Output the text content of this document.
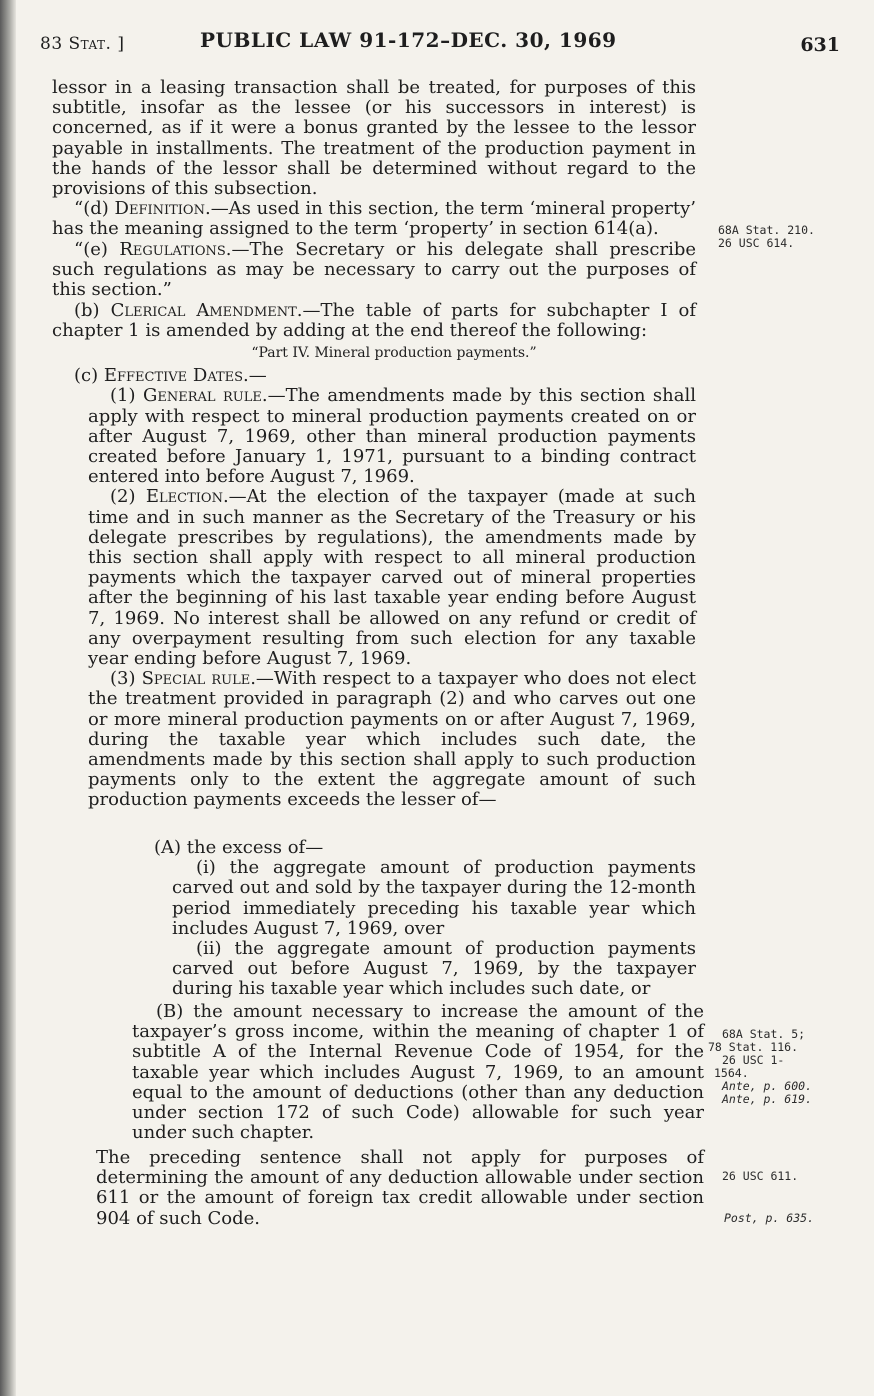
83 Stat. ]	PUBLIC LAW 91-172–DEC. 30, 1969	631

lessor in a leasing transaction shall be treated, for purposes of this subtitle, insofar as the lessee (or his successors in interest) is concerned, as if it were a bonus granted by the lessee to the lessor payable in installments. The treatment of the production payment in the hands of the lessor shall be determined without regard to the provisions of this subsection.

“(d) Definition.—As used in this section, the term ‘mineral property’ has the meaning assigned to the term ‘property’ in section 614(a).

“(e) Regulations.—The Secretary or his delegate shall prescribe such regulations as may be necessary to carry out the purposes of this section.”

(b) Clerical Amendment.—The table of parts for subchapter I of chapter 1 is amended by adding at the end thereof the following:

“Part IV. Mineral production payments.”

(c) Effective Dates.—

(1) General rule.—The amendments made by this section shall apply with respect to mineral production payments created on or after August 7, 1969, other than mineral production payments created before January 1, 1971, pursuant to a binding contract entered into before August 7, 1969.

(2) Election.—At the election of the taxpayer (made at such time and in such manner as the Secretary of the Treasury or his delegate prescribes by regulations), the amendments made by this section shall apply with respect to all mineral production payments which the taxpayer carved out of mineral properties after the beginning of his last taxable year ending before August 7, 1969. No interest shall be allowed on any refund or credit of any overpayment resulting from such election for any taxable year ending before August 7, 1969.

(3) Special rule.—With respect to a taxpayer who does not elect the treatment provided in paragraph (2) and who carves out one or more mineral production payments on or after August 7, 1969, during the taxable year which includes such date, the amendments made by this section shall apply to such production payments only to the extent the aggregate amount of such production payments exceeds the lesser of—

(A) the excess of—

(i) the aggregate amount of production payments carved out and sold by the taxpayer during the 12-month period immediately preceding his taxable year which includes August 7, 1969, over

(ii) the aggregate amount of production payments carved out before August 7, 1969, by the taxpayer during his taxable year which includes such date, or

(B) the amount necessary to increase the amount of the taxpayer’s gross income, within the meaning of chapter 1 of subtitle A of the Internal Revenue Code of 1954, for the taxable year which includes August 7, 1969, to an amount equal to the amount of deductions (other than any deduction under section 172 of such Code) allowable for such year under such chapter.

The preceding sentence shall not apply for purposes of determining the amount of any deduction allowable under section 611 or the amount of foreign tax credit allowable under section 904 of such Code.

68A Stat. 210.
26 USC 614.
68A Stat. 5;
78 Stat. 116.
26 USC 1-
1564.
Ante, p. 600.
Ante, p. 619.
26 USC 611.
Post, p. 635.
